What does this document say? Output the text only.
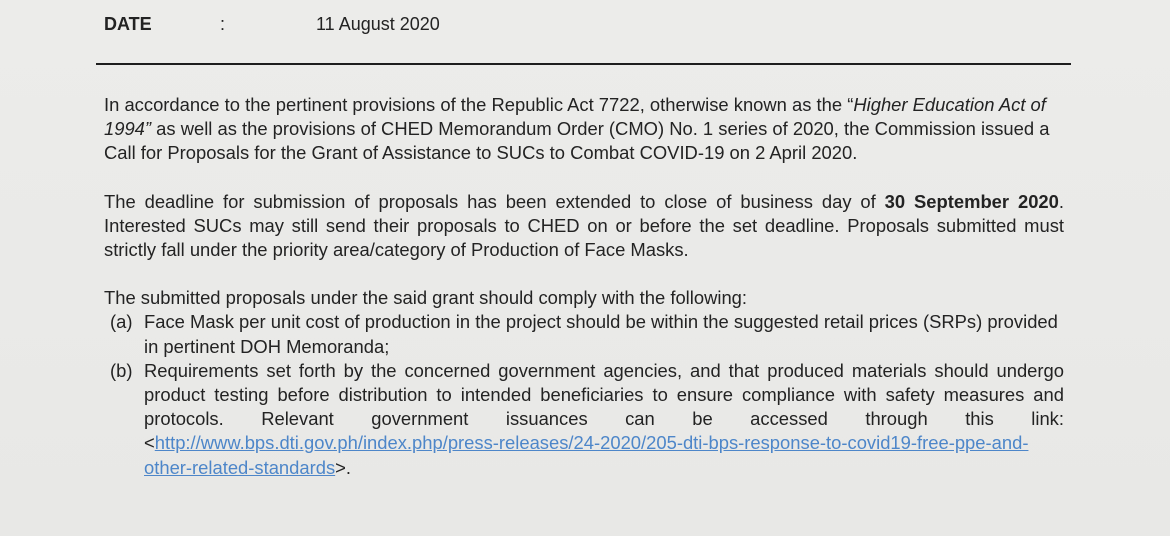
DATE	:	11 August 2020

In accordance to the pertinent provisions of the Republic Act 7722, otherwise known as the “Higher Education Act of 1994” as well as the provisions of CHED Memorandum Order (CMO) No. 1 series of 2020, the Commission issued a Call for Proposals for the Grant of Assistance to SUCs to Combat COVID-19 on 2 April 2020.

The deadline for submission of proposals has been extended to close of business day of 30 September 2020. Interested SUCs may still send their proposals to CHED on or before the set deadline. Proposals submitted must strictly fall under the priority area/category of Production of Face Masks.

The submitted proposals under the said grant should comply with the following:

(a) Face Mask per unit cost of production in the project should be within the suggested retail prices (SRPs) provided in pertinent DOH Memoranda;
(b) Requirements set forth by the concerned government agencies, and that produced materials should undergo product testing before distribution to intended beneficiaries to ensure compliance with safety measures and protocols. Relevant government issuances can be accessed through this link: <http://www.bps.dti.gov.ph/index.php/press-releases/24-2020/205-dti-bps-response-to-covid19-free-ppe-and-other-related-standards>.
